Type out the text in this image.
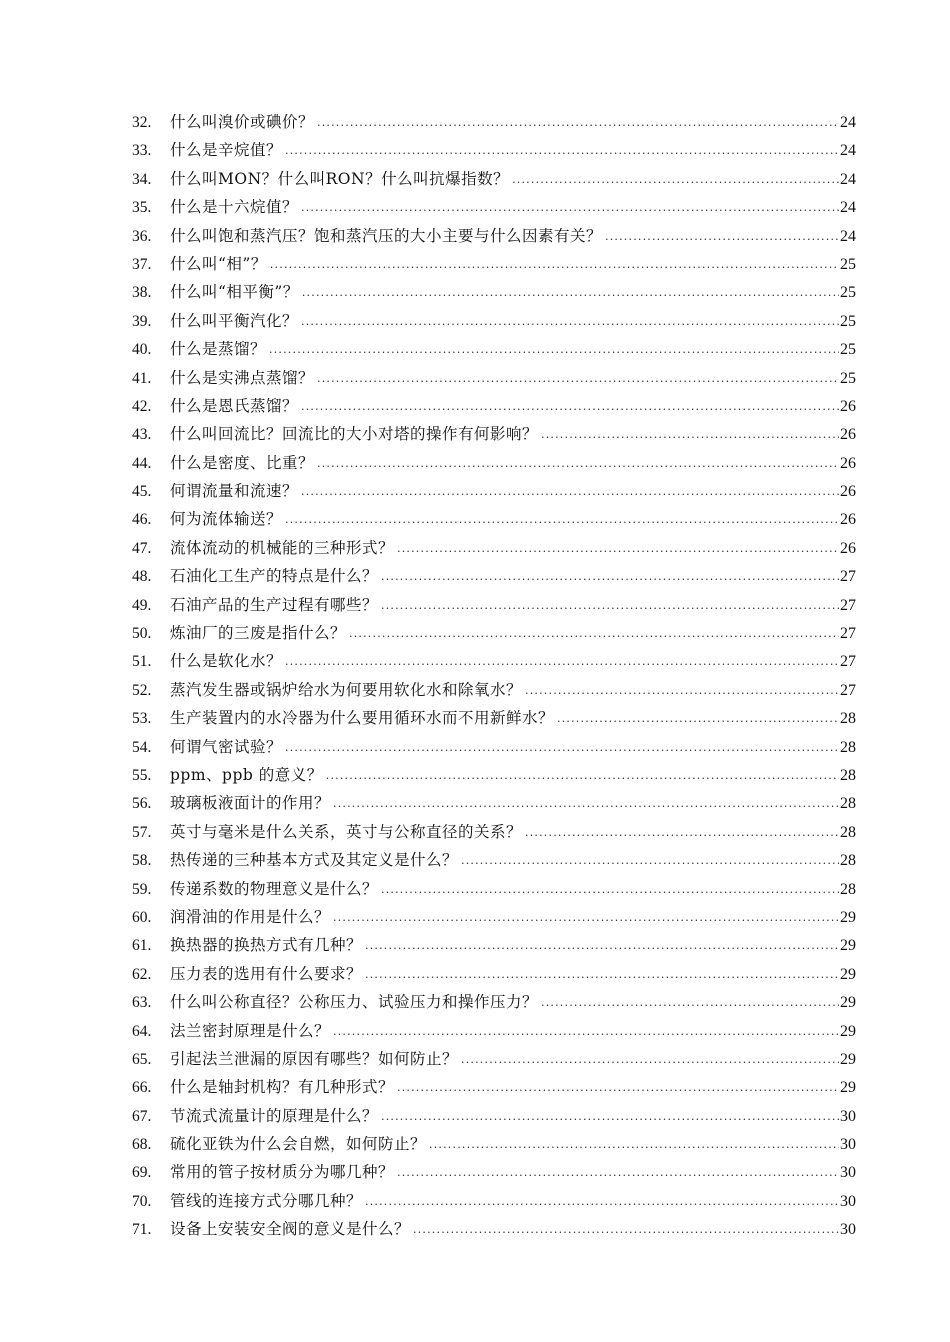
32.	什么叫溴价或碘价？ .....	24
33.	什么是辛烷值？ .....	24
34.	什么叫MON？什么叫RON？什么叫抗爆指数？ .....	24
35.	什么是十六烷值？ .....	24
36.	什么叫饱和蒸汽压？饱和蒸汽压的大小主要与什么因素有关？ .....	24
37.	什么叫“相”？ .....	25
38.	什么叫“相平衡”？ .....	25
39.	什么叫平衡汽化？ .....	25
40.	什么是蒸馏？ .....	25
41.	什么是实沸点蒸馏？ .....	25
42.	什么是恩氏蒸馏？ .....	26
43.	什么叫回流比？回流比的大小对塔的操作有何影响？ .....	26
44.	什么是密度、比重？ .....	26
45.	何谓流量和流速？ .....	26
46.	何为流体输送？ .....	26
47.	流体流动的机械能的三种形式？ .....	26
48.	石油化工生产的特点是什么？ .....	27
49.	石油产品的生产过程有哪些？ .....	27
50.	炼油厂的三废是指什么？ .....	27
51.	什么是软化水？ .....	27
52.	蒸汽发生器或锅炉给水为何要用软化水和除氧水？ .....	27
53.	生产装置内的水冷器为什么要用循环水而不用新鲜水？ .....	28
54.	何谓气密试验？ .....	28
55.	ppm、ppb 的意义？ .....	28
56.	玻璃板液面计的作用？ .....	28
57.	英寸与毫米是什么关系，英寸与公称直径的关系？ .....	28
58.	热传递的三种基本方式及其定义是什么？ .....	28
59.	传递系数的物理意义是什么？ .....	28
60.	润滑油的作用是什么？ .....	29
61.	换热器的换热方式有几种？ .....	29
62.	压力表的选用有什么要求？ .....	29
63.	什么叫公称直径？公称压力、试验压力和操作压力？ .....	29
64.	法兰密封原理是什么？ .....	29
65.	引起法兰泄漏的原因有哪些？如何防止？ .....	29
66.	什么是轴封机构？有几种形式？ .....	29
67.	节流式流量计的原理是什么？ .....	30
68.	硫化亚铁为什么会自燃，如何防止？ .....	30
69.	常用的管子按材质分为哪几种？ .....	30
70.	管线的连接方式分哪几种？ .....	30
71.	设备上安装安全阀的意义是什么？ .....	30
